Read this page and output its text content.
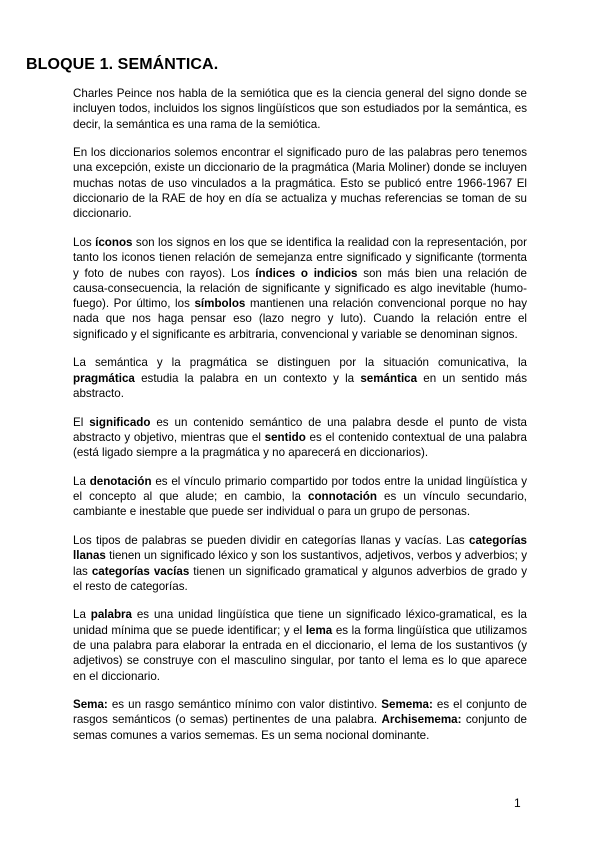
BLOQUE 1. SEMÁNTICA.

Charles Peince nos habla de la semiótica que es la ciencia general del signo donde se incluyen todos, incluidos los signos lingüísticos que son estudiados por la semántica, es decir, la semántica es una rama de la semiótica.

En los diccionarios solemos encontrar el significado puro de las palabras pero tenemos una excepción, existe un diccionario de la pragmática (Maria Moliner) donde se incluyen muchas notas de uso vinculados a la pragmática. Esto se publicó entre 1966-1967 El diccionario de la RAE de hoy en día se actualiza y muchas referencias se toman de su diccionario.

Los íconos son los signos en los que se identifica la realidad con la representación, por tanto los iconos tienen relación de semejanza entre significado y significante (tormenta y foto de nubes con rayos). Los índices o indicios son más bien una relación de causa-consecuencia, la relación de significante y significado es algo inevitable (humo-fuego). Por último, los símbolos mantienen una relación convencional porque no hay nada que nos haga pensar eso (lazo negro y luto). Cuando la relación entre el significado y el significante es arbitraria, convencional y variable se denominan signos.

La semántica y la pragmática se distinguen por la situación comunicativa, la pragmática estudia la palabra en un contexto y la semántica en un sentido más abstracto.

El significado es un contenido semántico de una palabra desde el punto de vista abstracto y objetivo, mientras que el sentido es el contenido contextual de una palabra (está ligado siempre a la pragmática y no aparecerá en diccionarios).

La denotación es el vínculo primario compartido por todos entre la unidad lingüística y el concepto al que alude; en cambio, la connotación es un vínculo secundario, cambiante e inestable que puede ser individual o para un grupo de personas.

Los tipos de palabras se pueden dividir en categorías llanas y vacías. Las categorías llanas tienen un significado léxico y son los sustantivos, adjetivos, verbos y adverbios; y las categorías vacías tienen un significado gramatical y algunos adverbios de grado y el resto de categorías.

La palabra es una unidad lingüística que tiene un significado léxico-gramatical, es la unidad mínima que se puede identificar; y el lema es la forma lingüística que utilizamos de una palabra para elaborar la entrada en el diccionario, el lema de los sustantivos (y adjetivos) se construye con el masculino singular, por tanto el lema es lo que aparece en el diccionario.

Sema: es un rasgo semántico mínimo con valor distintivo. Semema: es el conjunto de rasgos semánticos (o semas) pertinentes de una palabra. Archisemema: conjunto de semas comunes a varios sememas. Es un sema nocional dominante.

1
